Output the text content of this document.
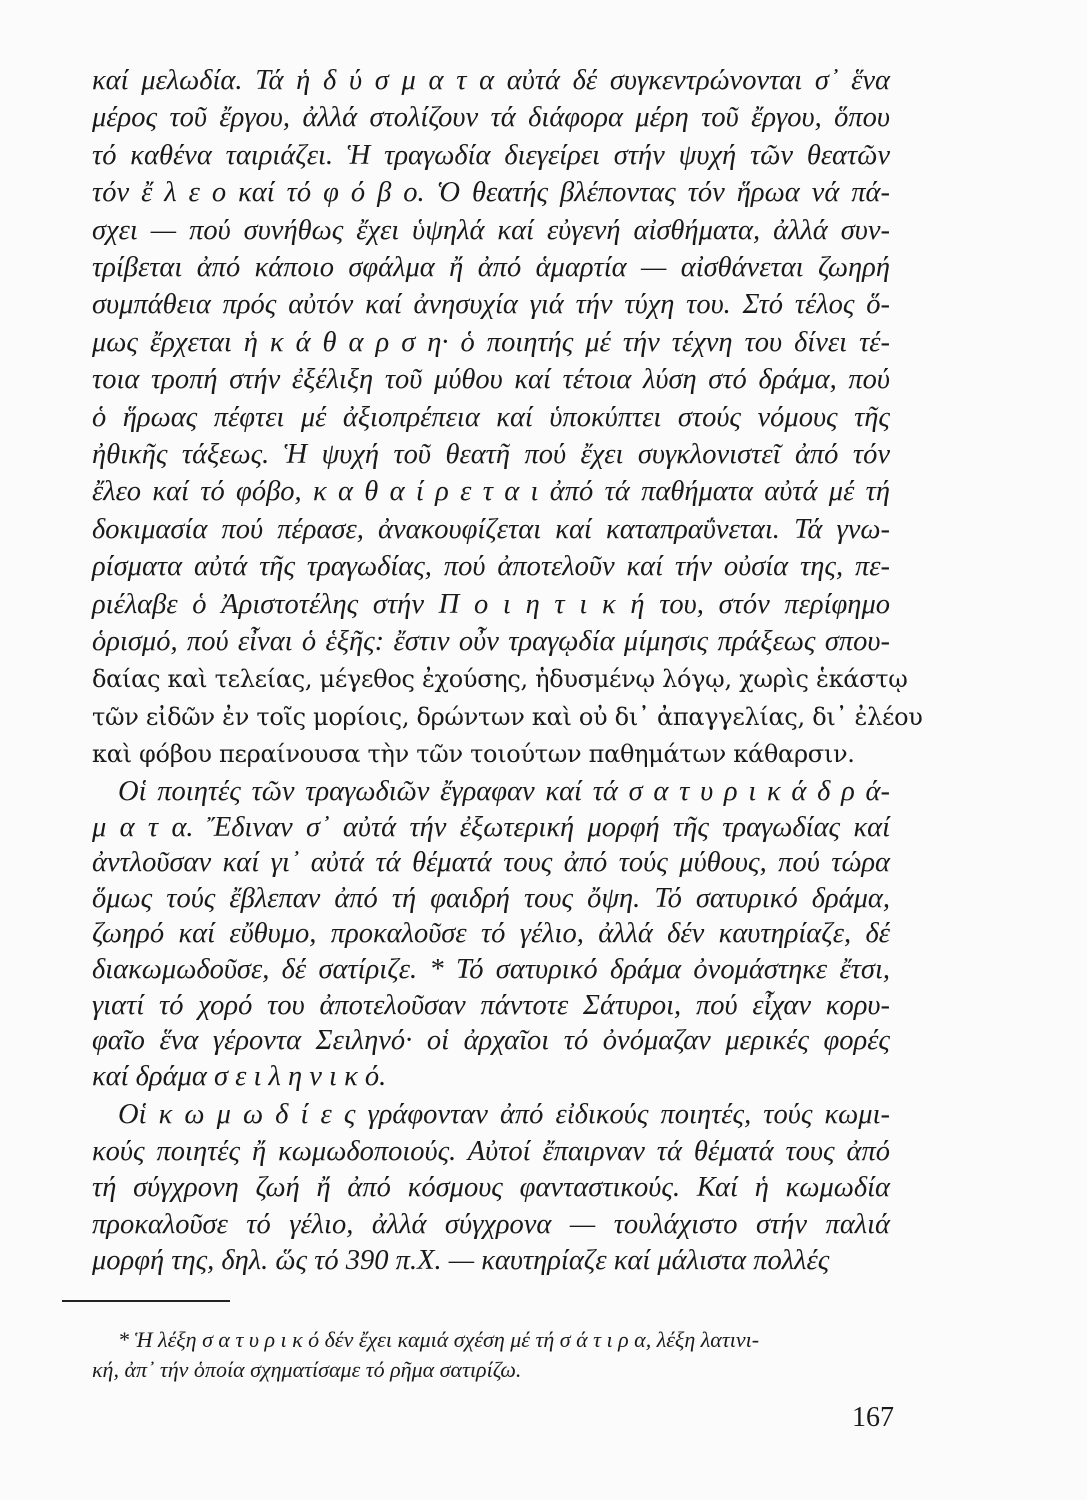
καί μελωδία. Τά ἡ δ ύ σ μ α τ α αὐτά δέ συγκεντρώνονται σ᾽ ἕνα
μέρος τοῦ ἔργου, ἀλλά στολίζουν τά διάφορα μέρη τοῦ ἔργου, ὅπου
τό καθένα ταιριάζει. Ἡ τραγωδία διεγείρει στήν ψυχή τῶν θεατῶν
τόν ἔ λ ε ο καί τό φ ό β ο. Ὁ θεατής βλέποντας τόν ἥρωα νά πά-
σχει — πού συνήθως ἔχει ὑψηλά καί εὐγενή αἰσθήματα, ἀλλά συν-
τρίβεται ἀπό κάποιο σφάλμα ἤ ἀπό ἁμαρτία — αἰσθάνεται ζωηρή
συμπάθεια πρός αὐτόν καί ἀνησυχία γιά τήν τύχη του. Στό τέλος ὅ-
μως ἔρχεται ἡ κ ά θ α ρ σ η· ὁ ποιητής μέ τήν τέχνη του δίνει τέ-
τοια τροπή στήν ἐξέλιξη τοῦ μύθου καί τέτοια λύση στό δράμα, πού
ὁ ἥρωας πέφτει μέ ἀξιοπρέπεια καί ὑποκύπτει στούς νόμους τῆς
ἠθικῆς τάξεως. Ἡ ψυχή τοῦ θεατῆ πού ἔχει συγκλονιστεῖ ἀπό τόν
ἔλεο καί τό φόβο, κ α θ α ί ρ ε τ α ι ἀπό τά παθήματα αὐτά μέ τή
δοκιμασία πού πέρασε, ἀνακουφίζεται καί καταπραΰνεται. Τά γνω-
ρίσματα αὐτά τῆς τραγωδίας, πού ἀποτελοῦν καί τήν οὐσία της, πε-
ριέλαβε ὁ Ἀριστοτέλης στήν Π ο ι η τ ι κ ή του, στόν περίφημο
ὁρισμό, πού εἶναι ὁ ἑξῆς: ἔστιν οὖν τραγῳδία μίμησις πράξεως σπου-
δαίας καὶ τελείας, μέγεθος ἐχούσης, ἡδυσμένῳ λόγῳ, χωρὶς ἑκάστῳ
τῶν εἰδῶν ἐν τοῖς μορίοις, δρώντων καὶ οὐ δι᾽ ἀπαγγελίας, δι᾽ ἐλέου
καὶ φόβου περαίνουσα τὴν τῶν τοιούτων παθημάτων κάθαρσιν.
Οἱ ποιητές τῶν τραγωδιῶν ἔγραφαν καί τά σ α τ υ ρ ι κ ά δ ρ ά-
μ α τ α. Ἔδιναν σ᾽ αὐτά τήν ἐξωτερική μορφή τῆς τραγωδίας καί
ἀντλοῦσαν καί γι᾽ αὐτά τά θέματά τους ἀπό τούς μύθους, πού τώρα
ὅμως τούς ἔβλεπαν ἀπό τή φαιδρή τους ὄψη. Τό σατυρικό δράμα,
ζωηρό καί εὔθυμο, προκαλοῦσε τό γέλιο, ἀλλά δέν καυτηρίαζε, δέ
διακωμωδοῦσε, δέ σατίριζε. * Τό σατυρικό δράμα ὀνομάστηκε ἔτσι,
γιατί τό χορό του ἀποτελοῦσαν πάντοτε Σάτυροι, πού εἶχαν κορυ-
φαῖο ἕνα γέροντα Σειληνό· οἱ ἀρχαῖοι τό ὀνόμαζαν μερικές φορές
καί δράμα σ ε ι λ η ν ι κ ό.
Οἱ κ ω μ ω δ ί ε ς γράφονταν ἀπό εἰδικούς ποιητές, τούς κωμι-
κούς ποιητές ἤ κωμωδοποιούς. Αὐτοί ἔπαιρναν τά θέματά τους ἀπό
τή σύγχρονη ζωή ἤ ἀπό κόσμους φανταστικούς. Καί ἡ κωμωδία
προκαλοῦσε τό γέλιο, ἀλλά σύγχρονα — τουλάχιστο στήν παλιά
μορφή της, δηλ. ὥς τό 390 π.Χ. — καυτηρίαζε καί μάλιστα πολλές
* Ἡ λέξη σ α τ υ ρ ι κ ό δέν ἔχει καμιά σχέση μέ τή σ ά τ ι ρ α, λέξη λατινι-
κή, ἀπ᾽ τήν ὁποία σχηματίσαμε τό ρῆμα σατιρίζω.
167
